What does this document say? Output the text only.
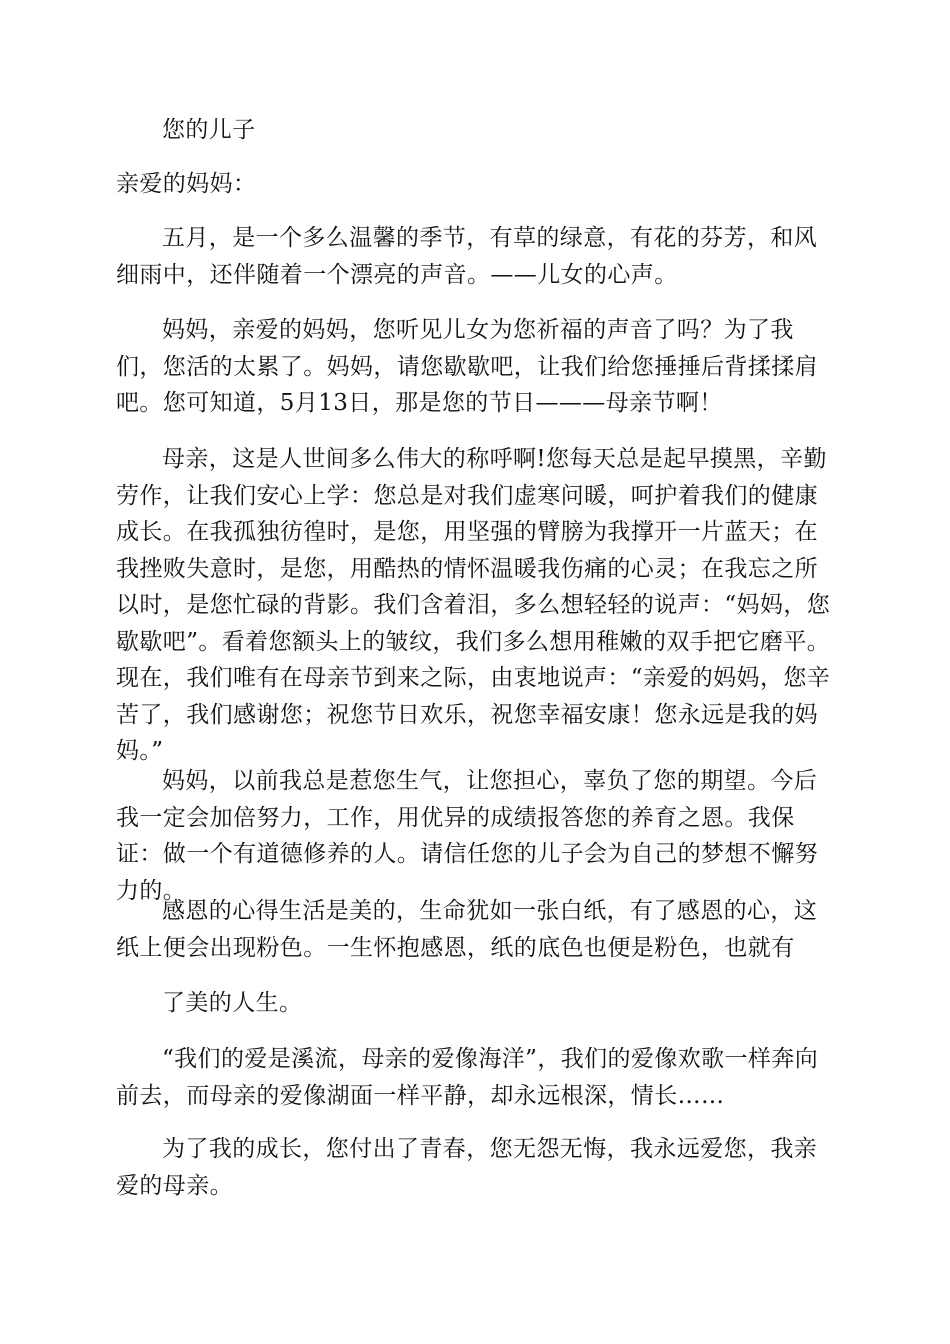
您的儿子

亲爱的妈妈：

五月，是一个多么温馨的季节，有草的绿意，有花的芬芳，和风细雨中，还伴随着一个漂亮的声音。——儿女的心声。

妈妈，亲爱的妈妈，您听见儿女为您祈福的声音了吗？为了我们，您活的太累了。妈妈，请您歇歇吧，让我们给您捶捶后背揉揉肩吧。您可知道，5月13日，那是您的节日———母亲节啊！

母亲，这是人世间多么伟大的称呼啊!您每天总是起早摸黑，辛勤劳作，让我们安心上学：您总是对我们虚寒问暖，呵护着我们的健康成长。在我孤独彷徨时，是您，用坚强的臂膀为我撑开一片蓝天；在我挫败失意时，是您，用酷热的情怀温暖我伤痛的心灵；在我忘之所以时，是您忙碌的背影。我们含着泪，多么想轻轻的说声：“妈妈，您歇歇吧”。看着您额头上的皱纹，我们多么想用稚嫩的双手把它磨平。现在，我们唯有在母亲节到来之际，由衷地说声：“亲爱的妈妈，您辛苦了，我们感谢您；祝您节日欢乐，祝您幸福安康！您永远是我的妈妈。”

妈妈，以前我总是惹您生气，让您担心，辜负了您的期望。今后我一定会加倍努力，工作，用优异的成绩报答您的养育之恩。我保证：做一个有道德修养的人。请信任您的儿子会为自己的梦想不懈努力的。

感恩的心得生活是美的，生命犹如一张白纸，有了感恩的心，这纸上便会出现粉色。一生怀抱感恩，纸的底色也便是粉色，也就有

了美的人生。

“我们的爱是溪流，母亲的爱像海洋”，我们的爱像欢歌一样奔向前去，而母亲的爱像湖面一样平静，却永远根深，情长……

为了我的成长，您付出了青春，您无怨无悔，我永远爱您，我亲爱的母亲。
